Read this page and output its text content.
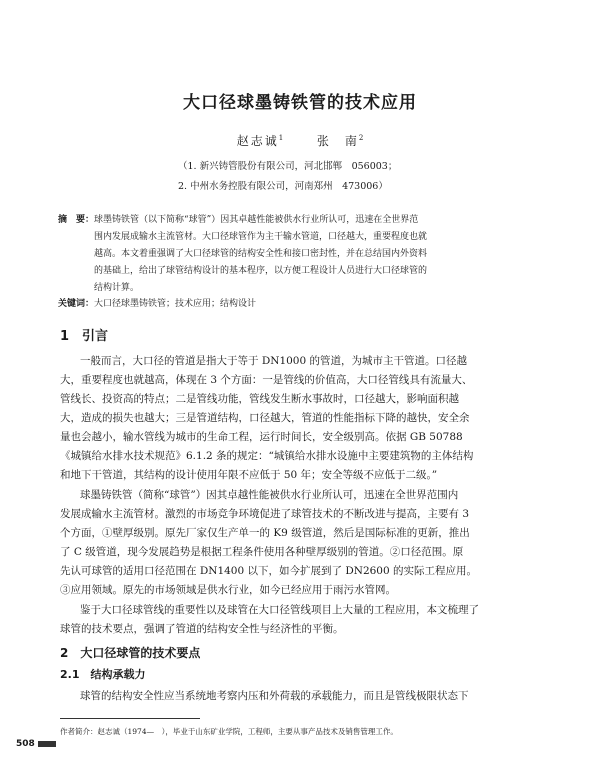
大口径球墨铸铁管的技术应用
赵志诚$^1$	张　南$^2$
（1. 新兴铸管股份有限公司，河北邯郸　056003；
2. 中州水务控股有限公司，河南郑州　473006）
摘　要：球墨铸铁管（以下简称“球管”）因其卓越性能被供水行业所认可，迅速在全世界范
围内发展成输水主流管材。大口径球管作为主干输水管道，口径越大，重要程度也就
越高。本文着重强调了大口径球管的结构安全性和接口密封性，并在总结国内外资料
的基础上，给出了球管结构设计的基本程序，以方便工程设计人员进行大口径球管的
结构计算。
关键词：大口径球墨铸铁管；技术应用；结构设计
1　引言
一般而言，大口径的管道是指大于等于 DN1000 的管道，为城市主干管道。口径越
大，重要程度也就越高，体现在 3 个方面：一是管线的价值高，大口径管线具有流量大、
管线长、投资高的特点；二是管线功能，管线发生断水事故时，口径越大，影响面积越
大，造成的损失也越大；三是管道结构，口径越大，管道的性能指标下降的越快，安全余
量也会越小，输水管线为城市的生命工程，运行时间长，安全级别高。依据 GB 50788
《城镇给水排水技术规范》6.1.2 条的规定：“城镇给水排水设施中主要建筑物的主体结构
和地下干管道，其结构的设计使用年限不应低于 50 年；安全等级不应低于二级。”
球墨铸铁管（简称“球管”）因其卓越性能被供水行业所认可，迅速在全世界范围内
发展成输水主流管材。激烈的市场竞争环境促进了球管技术的不断改进与提高，主要有 3
个方面，①壁厚级别。原先厂家仅生产单一的 K9 级管道，然后是国际标准的更新，推出
了 C 级管道，现今发展趋势是根据工程条件使用各种壁厚级别的管道。②口径范围。原
先认可球管的适用口径范围在 DN1400 以下，如今扩展到了 DN2600 的实际工程应用。
③应用领域。原先的市场领域是供水行业，如今已经应用于雨污水管网。
鉴于大口径球管线的重要性以及球管在大口径管线项目上大量的工程应用，本文梳理了
球管的技术要点，强调了管道的结构安全性与经济性的平衡。
2　大口径球管的技术要点
2.1　结构承载力
球管的结构安全性应当系统地考察内压和外荷载的承载能力，而且是管线极限状态下
作者简介：赵志诚（1974—　），毕业于山东矿业学院，工程师，主要从事产品技术及销售管理工作。
508
